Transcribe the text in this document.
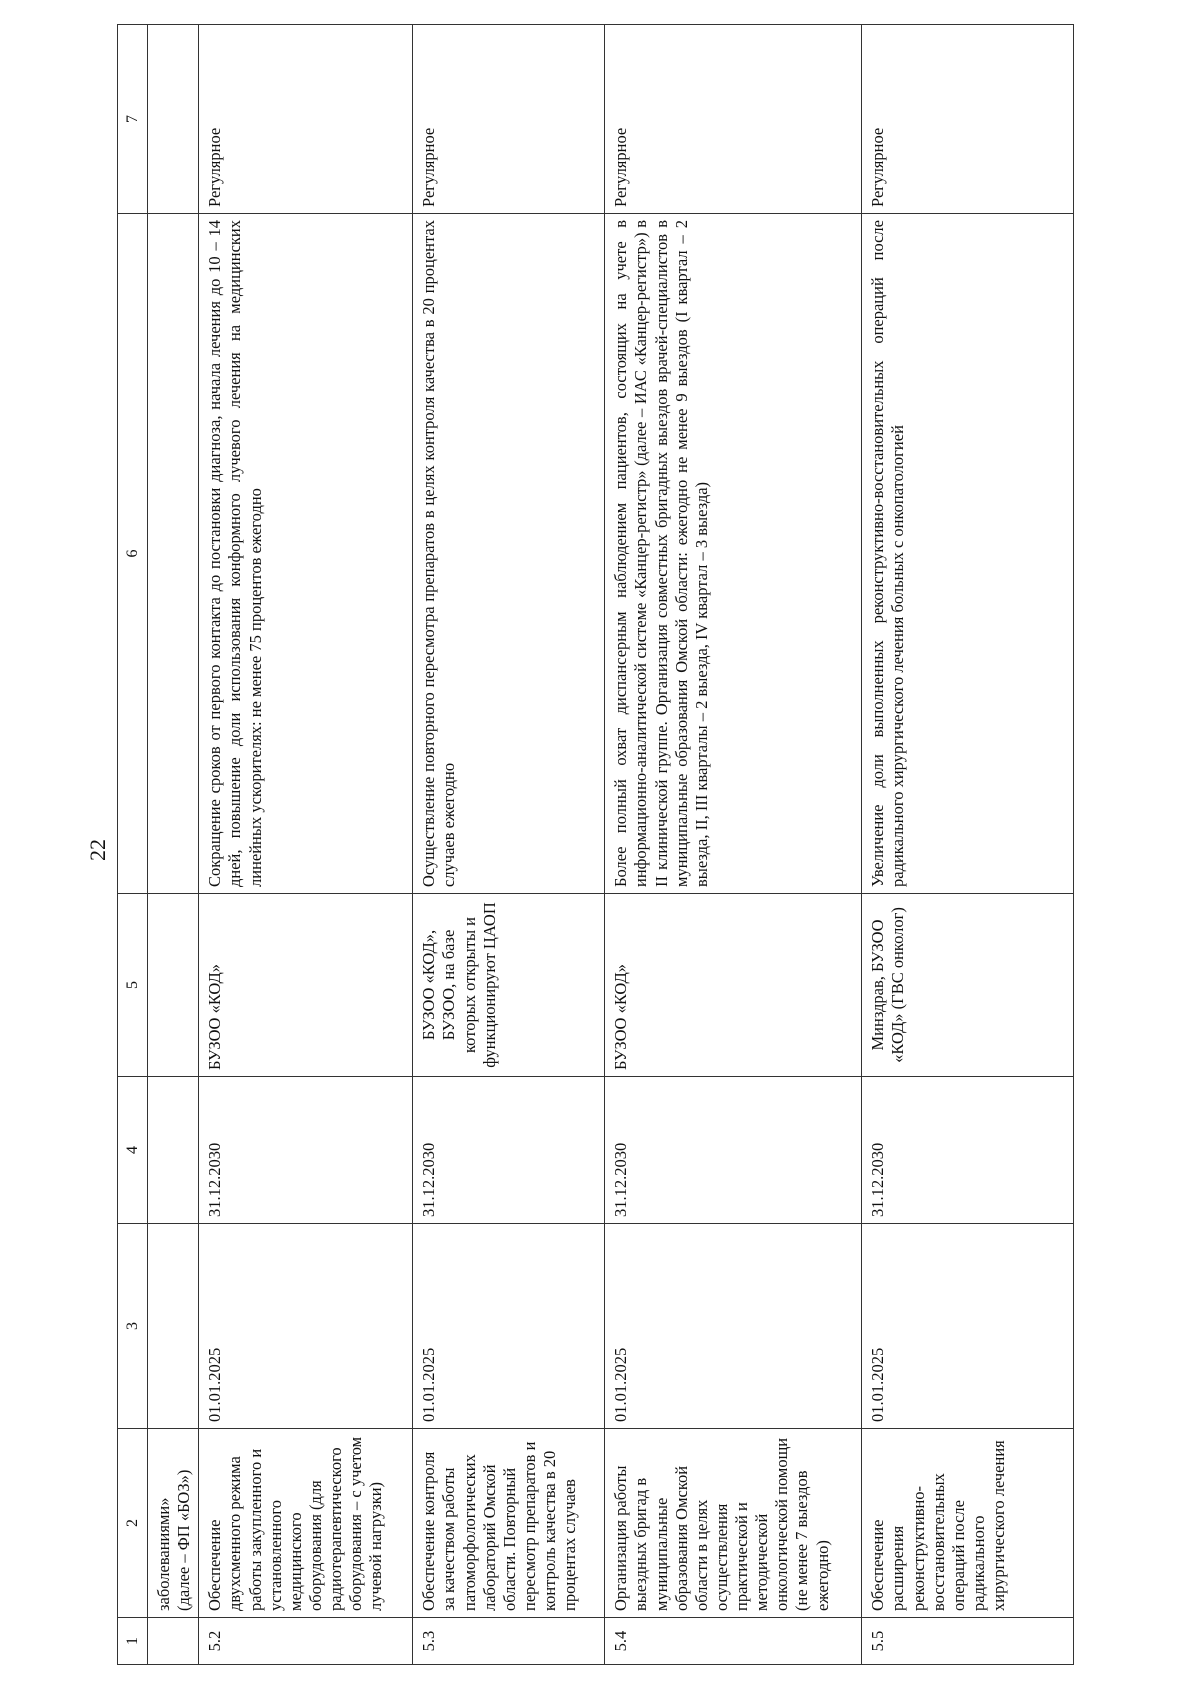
22
1	2	3	4	5	6	7
	заболеваниями»
(далее – ФП «БОЗ»)					
5.2	Обеспечение двухсменного режима работы закупленного и установленного медицинского оборудования (для радиотерапевтического оборудования – с учетом лучевой нагрузки)	01.01.2025	31.12.2030	БУЗОО «КОД»	Сокращение сроков от первого контакта до постановки диагноза, начала лечения до 10 – 14 дней, повышение доли использования конформного лучевого лечения на медицинских линейных ускорителях: не менее 75 процентов ежегодно	Регулярное
5.3	Обеспечение контроля за качеством работы патоморфологических лабораторий Омской области. Повторный пересмотр препаратов и контроль качества в 20 процентах случаев	01.01.2025	31.12.2030	БУЗОО «КОД», БУЗОО, на базе которых открыты и функционируют ЦАОП	Осуществление повторного пересмотра препаратов в целях контроля качества в 20 процентах случаев ежегодно	Регулярное
5.4	Организация работы выездных бригад в муниципальные образования Омской области в целях осуществления практической и методической онкологической помощи (не менее 7 выездов ежегодно)	01.01.2025	31.12.2030	БУЗОО «КОД»	Более полный охват диспансерным наблюдением пациентов, состоящих на учете в информационно-аналитической системе «Канцер-регистр» (далее – ИАС «Канцер-регистр») в II клинической группе. Организация совместных бригадных выездов врачей-специалистов в муниципальные образования Омской области: ежегодно не менее 9 выездов (I квартал – 2 выезда, II, III кварталы – 2 выезда, IV квартал – 3 выезда)	Регулярное
5.5	Обеспечение расширения реконструктивно-восстановительных операций после радикального хирургического лечения	01.01.2025	31.12.2030	Минздрав, БУЗОО «КОД» (ГВС онколог)	Увеличение доли выполненных реконструктивно-восстановительных операций после радикального хирургического лечения больных с онкопатологией	Регулярное
